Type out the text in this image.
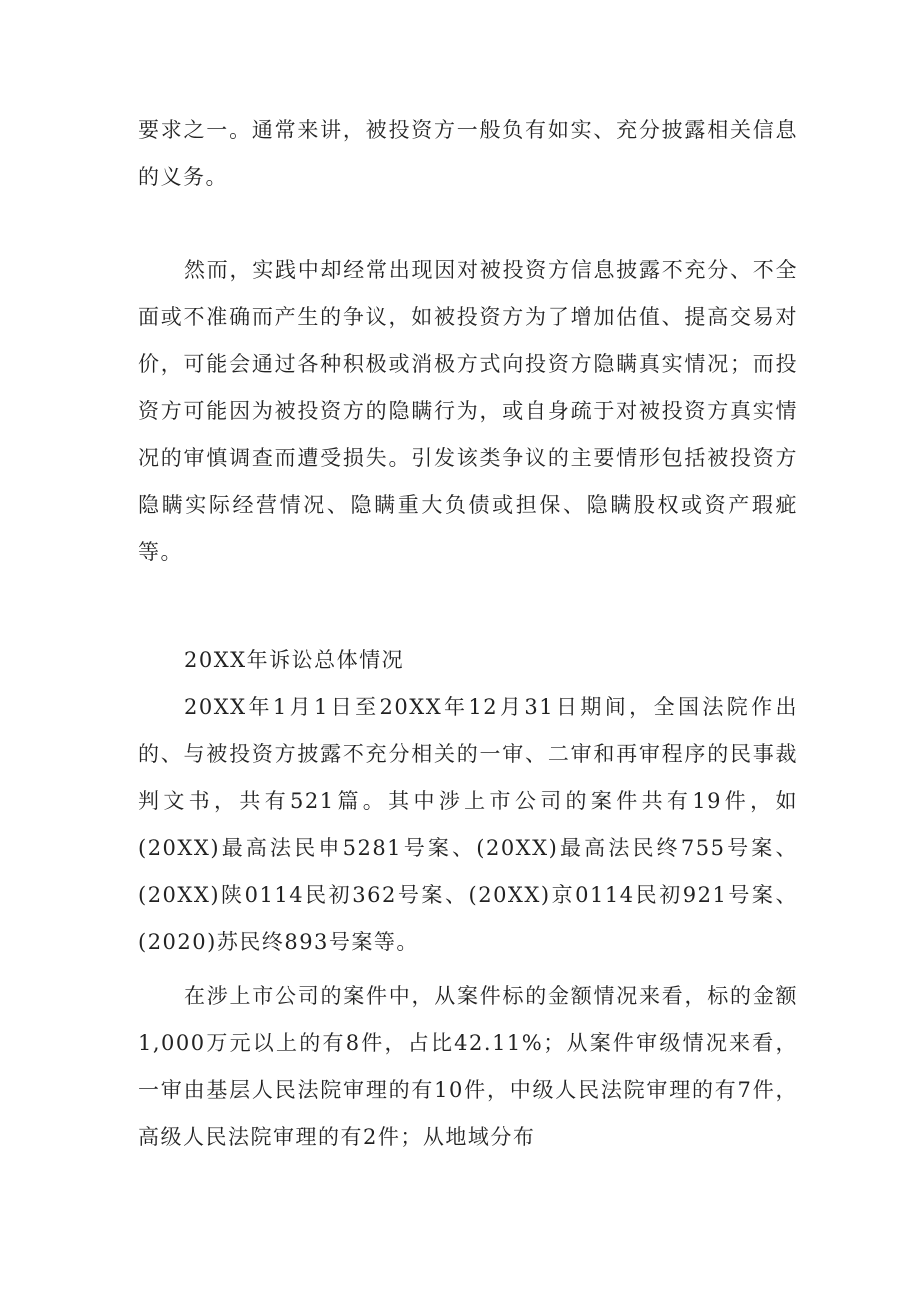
要求之一。通常来讲，被投资方一般负有如实、充分披露相关信息的义务。

然而，实践中却经常出现因对被投资方信息披露不充分、不全面或不准确而产生的争议，如被投资方为了增加估值、提高交易对价，可能会通过各种积极或消极方式向投资方隐瞒真实情况；而投资方可能因为被投资方的隐瞒行为，或自身疏于对被投资方真实情况的审慎调查而遭受损失。引发该类争议的主要情形包括被投资方隐瞒实际经营情况、隐瞒重大负债或担保、隐瞒股权或资产瑕疵等。

20XX年诉讼总体情况

20XX年1月1日至20XX年12月31日期间，全国法院作出的、与被投资方披露不充分相关的一审、二审和再审程序的民事裁判文书，共有521篇。其中涉上市公司的案件共有19件，如(20XX)最高法民申5281号案、(20XX)最高法民终755号案、(20XX)陕0114民初362号案、(20XX)京0114民初921号案、(2020)苏民终893号案等。

在涉上市公司的案件中，从案件标的金额情况来看，标的金额1,000万元以上的有8件，占比42.11%；从案件审级情况来看，一审由基层人民法院审理的有10件，中级人民法院审理的有7件，高级人民法院审理的有2件；从地域分布
